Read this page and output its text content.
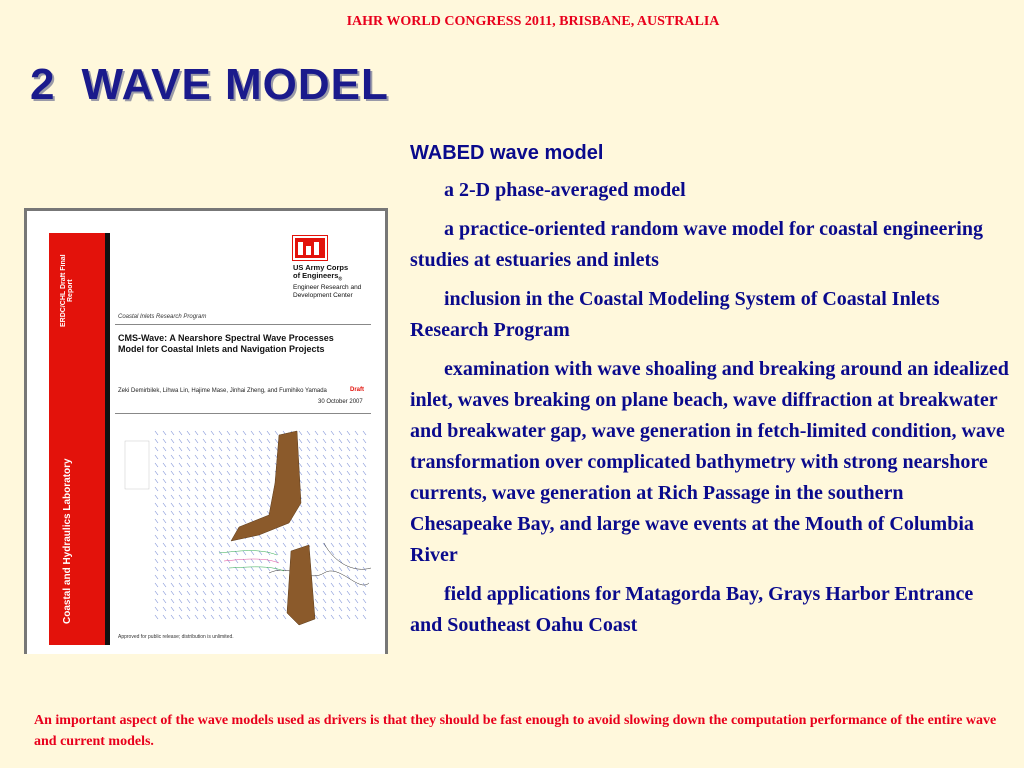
IAHR WORLD CONGRESS 2011, BRISBANE, AUSTRALIA
2 WAVE MODEL
ERDC/CHL Draft Final Report
Coastal and Hydraulics Laboratory
US Army Corps
of Engineers$_®$
Engineer Research and
Development Center
Coastal Inlets Research Program
CMS-Wave: A Nearshore Spectral Wave Processes Model for Coastal Inlets and Navigation Projects
Zeki Demirbilek, Lihwa Lin, Hajime Mase, Jinhai Zheng, and Fumihiko Yamada	Draft
30 October 2007
Approved for public release; distribution is unlimited.
WABED wave model
a 2-D phase-averaged model
a practice-oriented random wave model for coastal engineering studies at estuaries and inlets
inclusion in the Coastal Modeling System of Coastal Inlets Research Program
examination with wave shoaling and breaking around an idealized inlet, waves breaking on plane beach, wave diffraction at breakwater and breakwater gap, wave generation in fetch-limited condition, wave transformation over complicated bathymetry with strong nearshore currents, wave generation at Rich Passage in the southern Chesapeake Bay, and large wave events at the Mouth of Columbia River
field applications for Matagorda Bay, Grays Harbor Entrance and Southeast Oahu Coast
An important aspect of the wave models used as drivers is that they should be fast enough to avoid slowing down the computation performance of the entire wave and current models.
